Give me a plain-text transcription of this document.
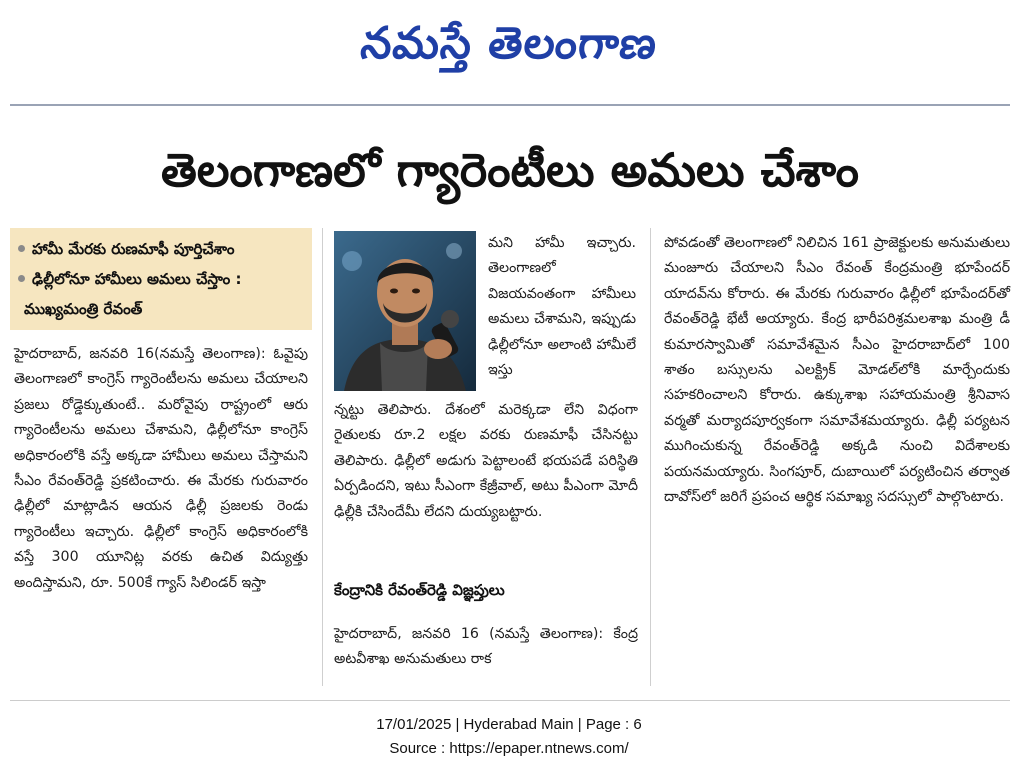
నమస్తే తెలంగాణ
తెలంగాణలో గ్యారెంటీలు అమలు చేశాం
హామీ మేరకు రుణమాఫీ పూర్తిచేశాం
ఢిల్లీలోనూ హామీలు అమలు చేస్తాం :
ముఖ్యమంత్రి రేవంత్

హైదరాబాద్, జనవరి 16(నమస్తే తెలంగాణ): ఓవైపు తెలంగాణలో కాంగ్రెస్ గ్యారెంటీలను అమలు చేయాలని ప్రజలు రోడ్డెక్కుతుంటే.. మరోవైపు రాష్ట్రంలో ఆరు గ్యారెంటీలను అమలు చేశామని, ఢిల్లీలోనూ కాంగ్రెస్ అధికారంలోకి వస్తే అక్కడా హామీలు అమలు చేస్తామని సీఎం రేవంత్‌రెడ్డి ప్రకటించారు. ఈ మేరకు గురువారం ఢిల్లీలో మాట్లాడిన ఆయన ఢిల్లీ ప్రజలకు రెండు గ్యారెంటీలు ఇచ్చారు. ఢిల్లీలో కాంగ్రెస్ అధికారంలోకి వస్తే 300 యూనిట్ల వరకు ఉచిత విద్యుత్తు అందిస్తామని, రూ. 500కే గ్యాస్ సిలిండర్ ఇస్తా

మని హామీ ఇచ్చారు. తెలంగాణలో విజయవంతంగా హామీలు అమలు చేశామని, ఇప్పుడు ఢిల్లీలోనూ అలాంటి హామీలే ఇస్తు

న్నట్టు తెలిపారు. దేశంలో మరెక్కడా లేని విధంగా రైతులకు రూ.2 లక్షల వరకు రుణమాఫీ చేసినట్టు తెలిపారు. ఢిల్లీలో అడుగు పెట్టాలంటే భయపడే పరిస్థితి ఏర్పడిందని, ఇటు సీఎంగా కేజ్రీవాల్, అటు పీఎంగా మోదీ ఢిల్లీకి చేసిందేమీ లేదని దుయ్యబట్టారు.

కేంద్రానికి రేవంత్‌రెడ్డి విజ్ఞప్తులు

హైదరాబాద్, జనవరి 16 (నమస్తే తెలంగాణ): కేంద్ర అటవీశాఖ అనుమతులు రాక

పోవడంతో తెలంగాణలో నిలిచిన 161 ప్రాజెక్టులకు అనుమతులు మంజూరు చేయాలని సీఎం రేవంత్ కేంద్రమంత్రి భూపేందర్ యాదవ్‌ను కోరారు. ఈ మేరకు గురువారం ఢిల్లీలో భూపేందర్‌తో రేవంత్‌రెడ్డి భేటీ అయ్యారు. కేంద్ర భారీపరిశ్రమలశాఖ మంత్రి డీ కుమారస్వామితో సమావేశమైన సీఎం హైదరాబాద్‌లో 100 శాతం బస్సులను ఎలక్ట్రిక్ మోడల్‌లోకి మార్చేందుకు సహకరించాలని కోరారు. ఉక్కుశాఖ సహాయమంత్రి శ్రీనివాస వర్మతో మర్యాదపూర్వకంగా సమావేశమయ్యారు. ఢిల్లీ పర్యటన ముగించుకున్న రేవంత్‌రెడ్డి అక్కడి నుంచి విదేశాలకు పయనమయ్యారు. సింగపూర్, దుబాయిలో పర్యటించిన తర్వాత దావోస్‌లో జరిగే ప్రపంచ ఆర్థిక సమాఖ్య సదస్సులో పాల్గొంటారు.

17/01/2025 | Hyderabad Main | Page : 6
Source : https://epaper.ntnews.com/
